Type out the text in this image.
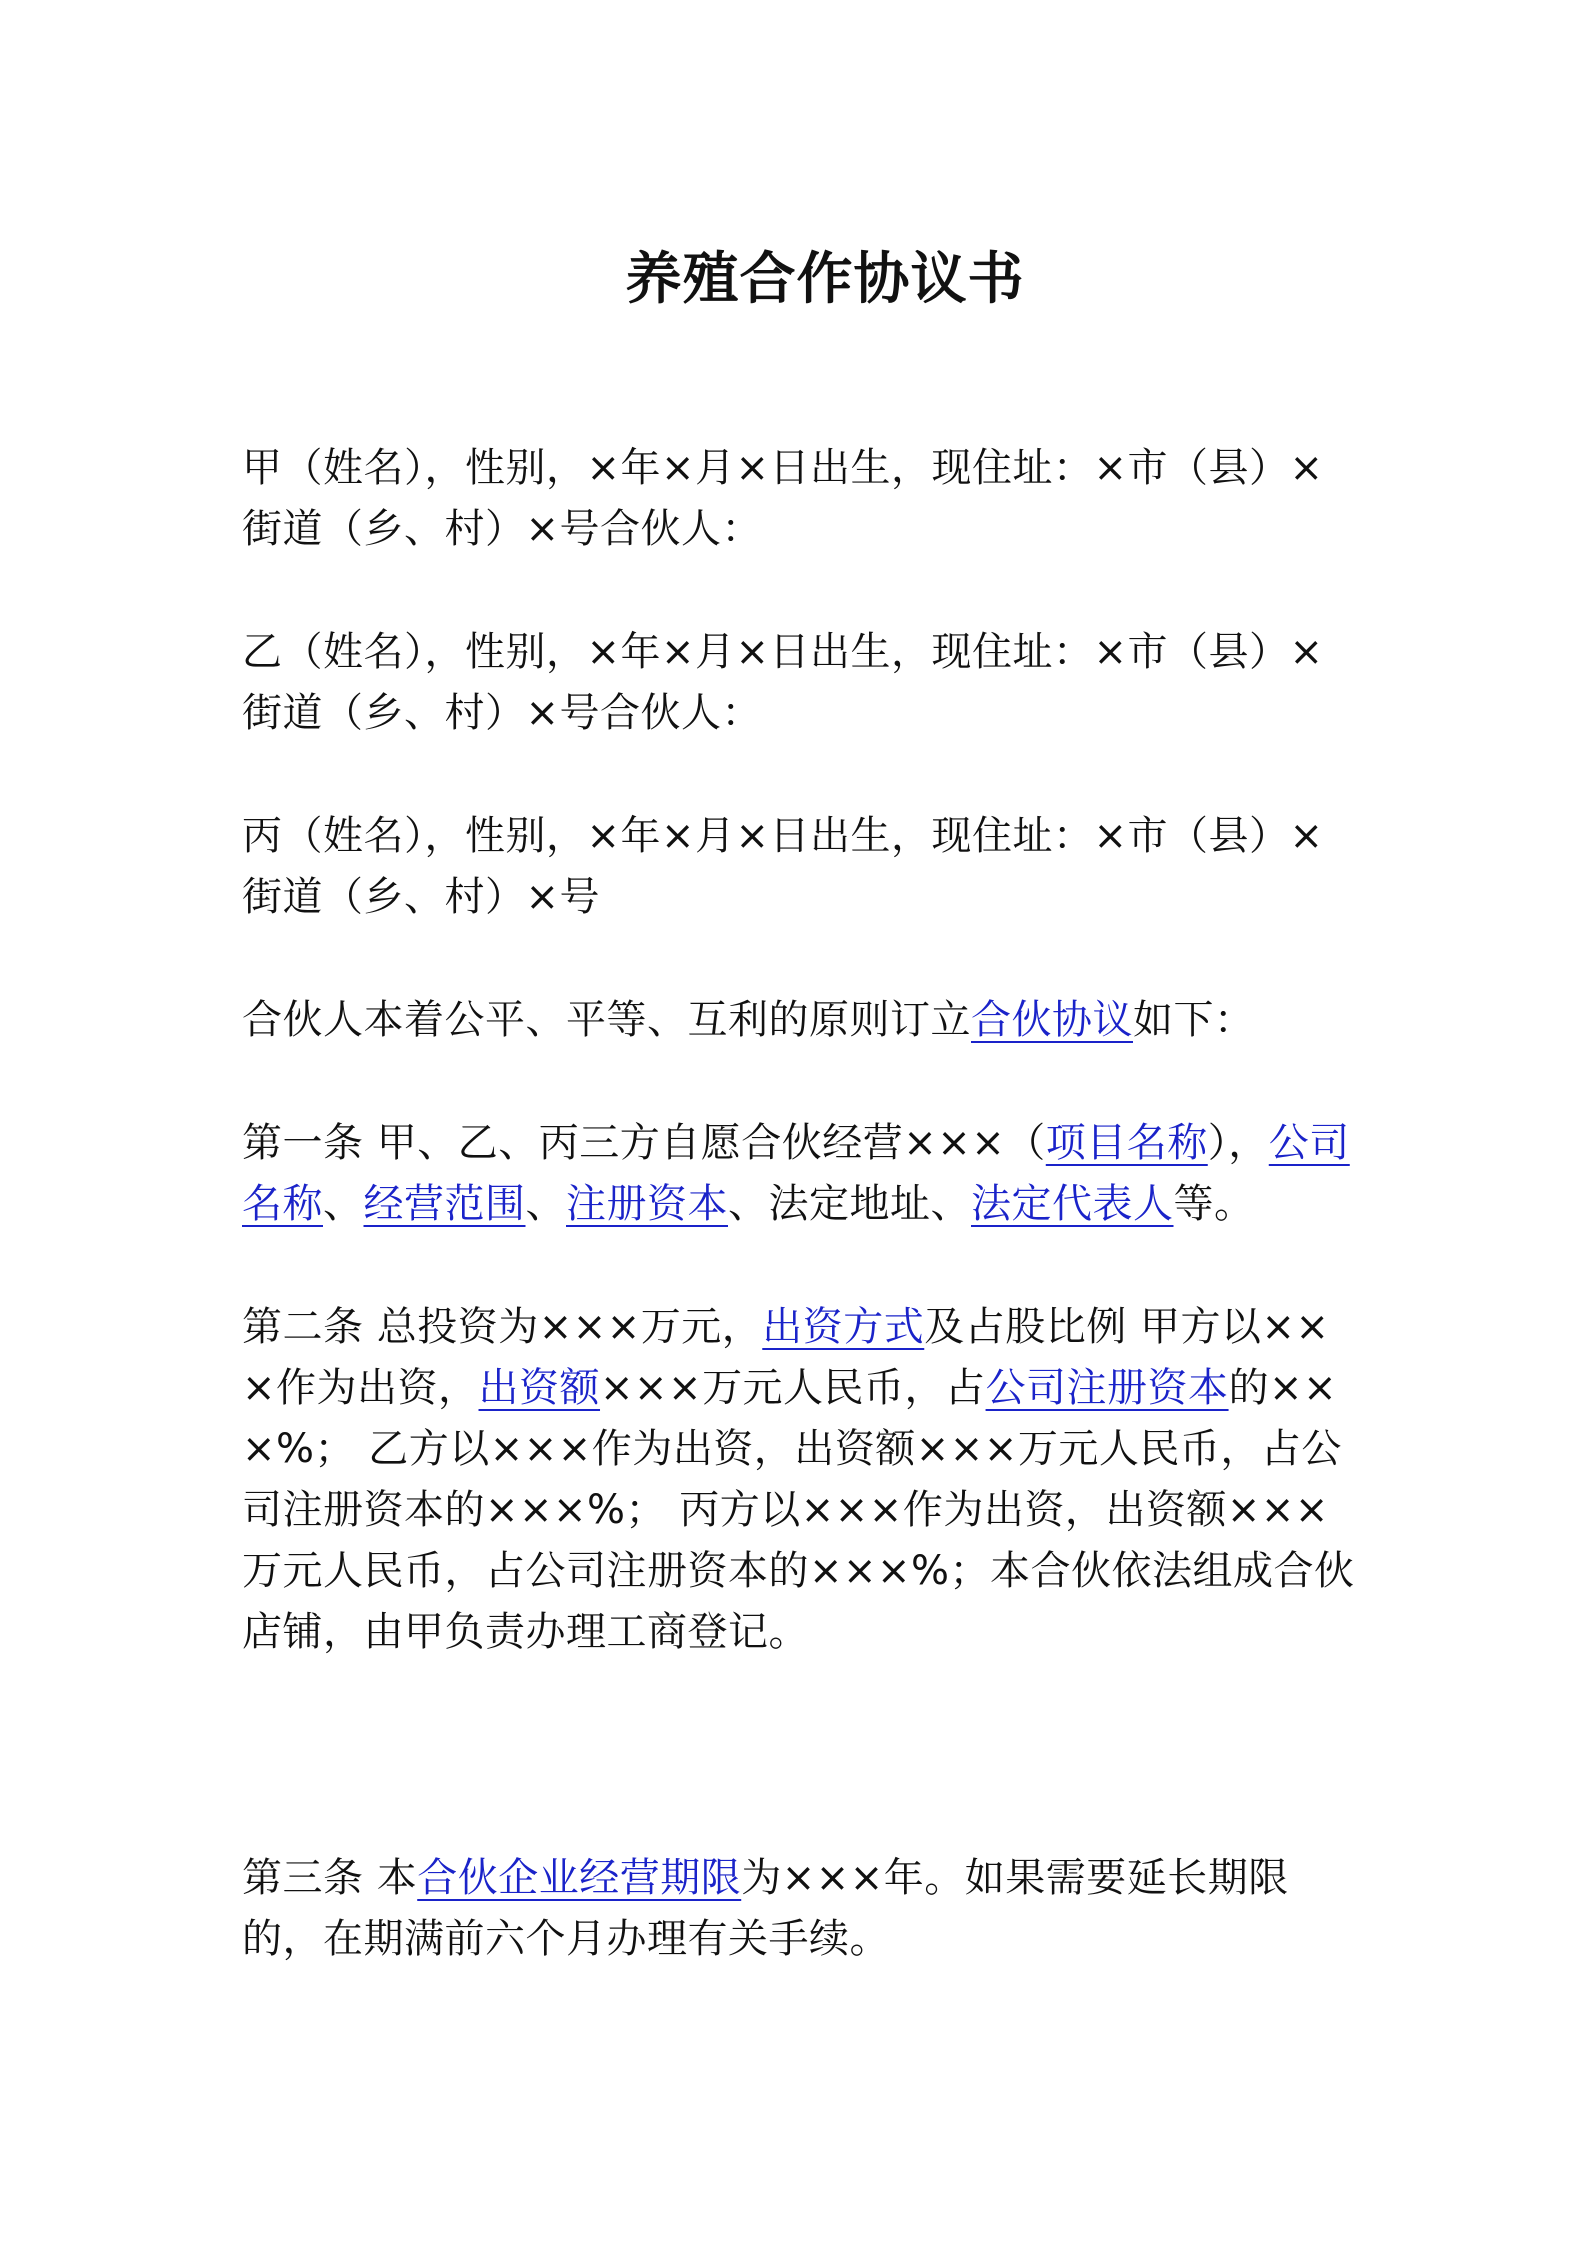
养殖合作协议书
甲（姓名），性别，×年×月×日出生，现住址：×市（县）×街道（乡、村）×号合伙人：
乙（姓名），性别，×年×月×日出生，现住址：×市（县）×街道（乡、村）×号合伙人：
丙（姓名），性别，×年×月×日出生，现住址：×市（县）×街道（乡、村）×号
合伙人本着公平、平等、互利的原则订立合伙协议如下：
第一条 甲、乙、丙三方自愿合伙经营×××（项目名称），公司名称、经营范围、注册资本、法定地址、法定代表人等。
第二条 总投资为×××万元，出资方式及占股比例 甲方以×××作为出资，出资额×××万元人民币，占公司注册资本的×××%； 乙方以×××作为出资，出资额×××万元人民币，占公司注册资本的×××%； 丙方以×××作为出资，出资额×××万元人民币，占公司注册资本的×××%；本合伙依法组成合伙店铺，由甲负责办理工商登记。
第三条 本合伙企业经营期限为×××年。如果需要延长期限的，在期满前六个月办理有关手续。
